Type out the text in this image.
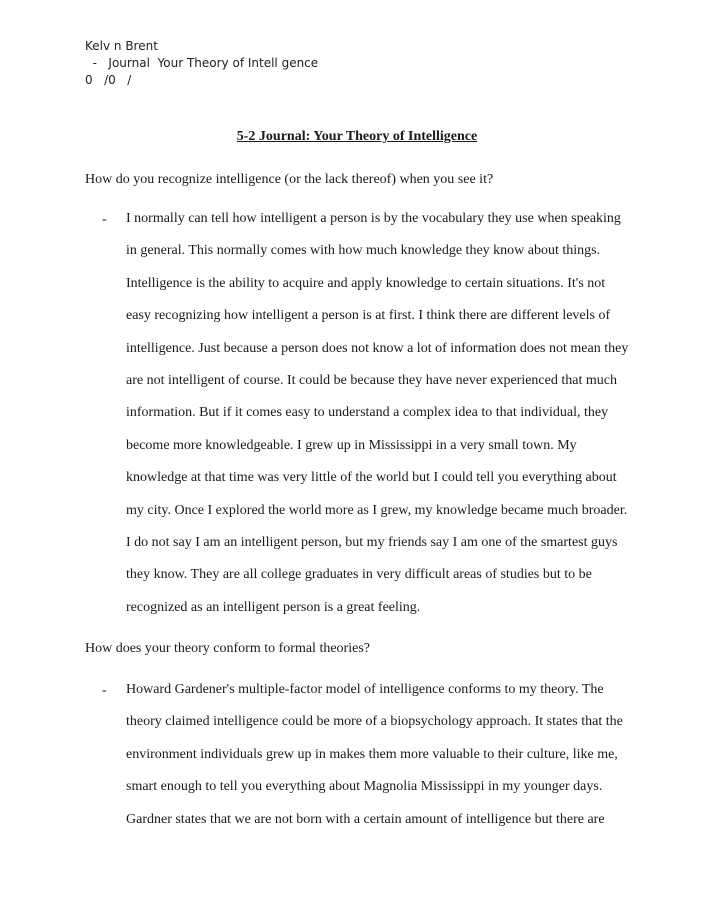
Kelv n Brent
-   Journal  Your Theory of Intell gence
0   /0   /
5-2 Journal: Your Theory of Intelligence
How do you recognize intelligence (or the lack thereof) when you see it?
- I normally can tell how intelligent a person is by the vocabulary they use when speaking
in general. This normally comes with how much knowledge they know about things.
Intelligence is the ability to acquire and apply knowledge to certain situations. It's not
easy recognizing how intelligent a person is at first. I think there are different levels of
intelligence. Just because a person does not know a lot of information does not mean they
are not intelligent of course. It could be because they have never experienced that much
information. But if it comes easy to understand a complex idea to that individual, they
become more knowledgeable. I grew up in Mississippi in a very small town. My
knowledge at that time was very little of the world but I could tell you everything about
my city. Once I explored the world more as I grew, my knowledge became much broader.
I do not say I am an intelligent person, but my friends say I am one of the smartest guys
they know. They are all college graduates in very difficult areas of studies but to be
recognized as an intelligent person is a great feeling.
How does your theory conform to formal theories?
- Howard Gardener's multiple-factor model of intelligence conforms to my theory. The
theory claimed intelligence could be more of a biopsychology approach. It states that the
environment individuals grew up in makes them more valuable to their culture, like me,
smart enough to tell you everything about Magnolia Mississippi in my younger days.
Gardner states that we are not born with a certain amount of intelligence but there are
